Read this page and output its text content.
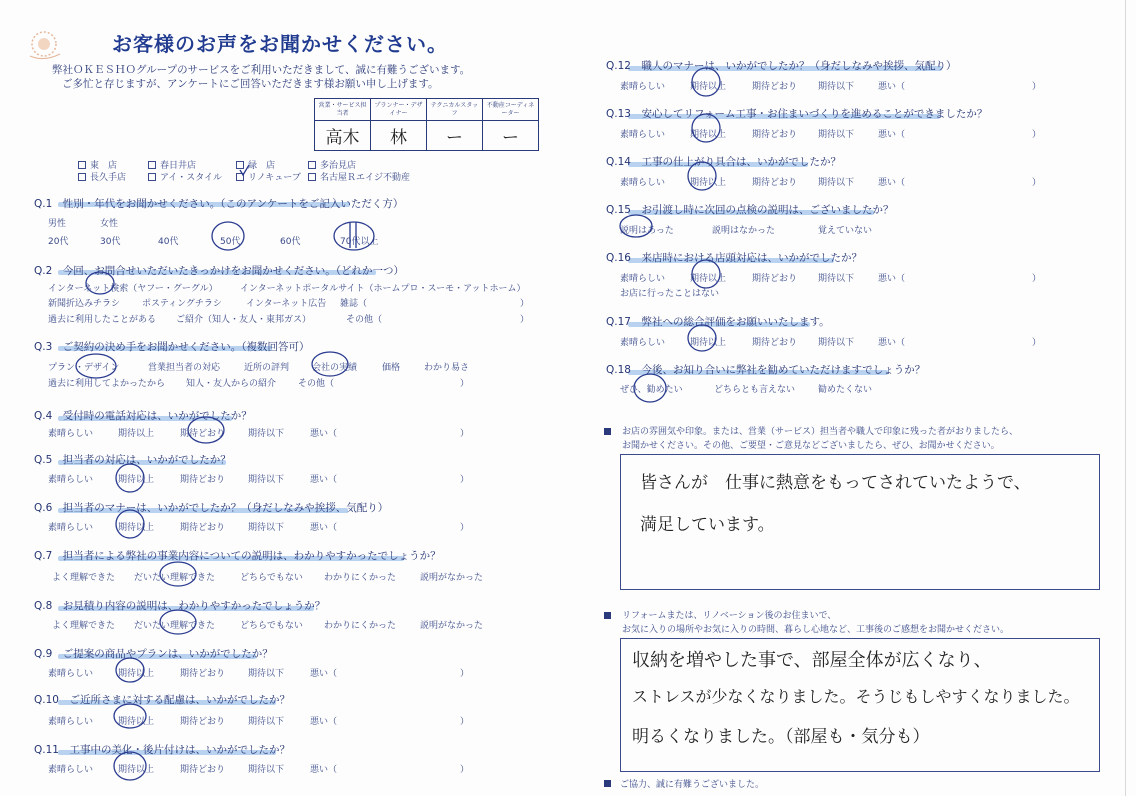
お客様のお声をお聞かせください。
弊社ＯＫＥＳＨＯグループのサービスをご利用いただきまして、誠に有難うございます。
ご多忙と存じますが、アンケートにご回答いただきます様お願い申し上げます。
営業・サービス担当者	プランナー・デザイナー	テクニカルスタッフ	不動産コーディネーター
高木	林	ー	ー
東　店	春日井店	緑　店	多治見店
長久手店	アイ・スタイル	リノキューブ	名古屋Ｒエイジ不動産
Q.1　性別・年代をお聞かせください。（このアンケートをご記入いただく方）
男性	女性
20代	30代	40代	50代	60代	70代以上
Q.2　今回、お問合せいただいたきっかけをお聞かせください。（どれか一つ）
インターネット検索（ヤフー・グーグル） インターネットポータルサイト（ホームプロ・スーモ・アットホーム）
新聞折込みチラシ ポスティングチラシ	インターネット広告 雑誌（	）
過去に利用したことがある ご紹介（知人・友人・東邦ガス）	その他（	）
Q.3　ご契約の決め手をお聞かせください。（複数回答可）
プラン・デザイン	営業担当者の対応	近所の評判	会社の実績	価格	わかり易さ
過去に利用してよかったから 知人・友人からの紹介 その他（	）
Q.4　受付時の電話対応は、いかがでしたか？
素晴らしい	期待以上	期待どおり	期待以下	悪い（	）
Q.5　担当者の対応は、いかがでしたか？
素晴らしい	期待以上	期待どおり	期待以下	悪い（	）
Q.6　担当者のマナーは、いかがでしたか？（身だしなみや挨拶、気配り）
素晴らしい	期待以上	期待どおり	期待以下	悪い（	）
Q.7　担当者による弊社の事業内容についての説明は、わかりやすかったでしょうか？
よく理解できた だいたい理解できた	どちらでもない わかりにくかった	説明がなかった
Q.8　お見積り内容の説明は、わかりやすかったでしょうか？
よく理解できた だいたい理解できた	どちらでもない わかりにくかった	説明がなかった
Q.9　ご提案の商品やプランは、いかがでしたか？
素晴らしい	期待以上	期待どおり	期待以下	悪い（	）
Q.10　ご近所さまに対する配慮は、いかがでしたか？
素晴らしい	期待以上	期待どおり	期待以下	悪い（	）
Q.11　工事中の美化・後片付けは、いかがでしたか？
素晴らしい	期待以上	期待どおり	期待以下	悪い（	）
Q.12　職人のマナーは、いかがでしたか？（身だしなみや挨拶、気配り）
素晴らしい	期待以上	期待どおり 期待以下	悪い（	）
Q.13　安心してリフォーム工事・お住まいづくりを進めることができましたか？
素晴らしい	期待以上	期待どおり 期待以下	悪い（	）
Q.14　工事の仕上がり具合は、いかがでしたか？
素晴らしい	期待以上	期待どおり 期待以下	悪い（	）
Q.15　お引渡し時に次回の点検の説明は、ございましたか？
説明はあった	説明はなかった	覚えていない
Q.16　来店時における店頭対応は、いかがでしたか？
素晴らしい	期待以上	期待どおり 期待以下	悪い（	）
お店に行ったことはない
Q.17　弊社への総合評価をお願いいたします。
素晴らしい	期待以上	期待どおり 期待以下	悪い（	）
Q.18　今後、お知り合いに弊社を勧めていただけますでしょうか？
ぜひ、勧めたい	どちらとも言えない	勧めたくない
お店の雰囲気や印象。または、営業（サービス）担当者や職人で印象に残った者がおりましたら、
お聞かせください。その他、ご要望・ご意見などございましたら、ぜひ、お聞かせください。
皆さんが　仕事に熱意をもってされていたようで、
満足しています。
リフォームまたは、リノベーション後のお住まいで、
お気に入りの場所やお気に入りの時間、暮らし心地など、工事後のご感想をお聞かせください。
収納を増やした事で、部屋全体が広くなり、
ストレスが少なくなりました。そうじもしやすくなりました。
明るくなりました。（部屋も・気分も）
ご協力、誠に有難うございました。
